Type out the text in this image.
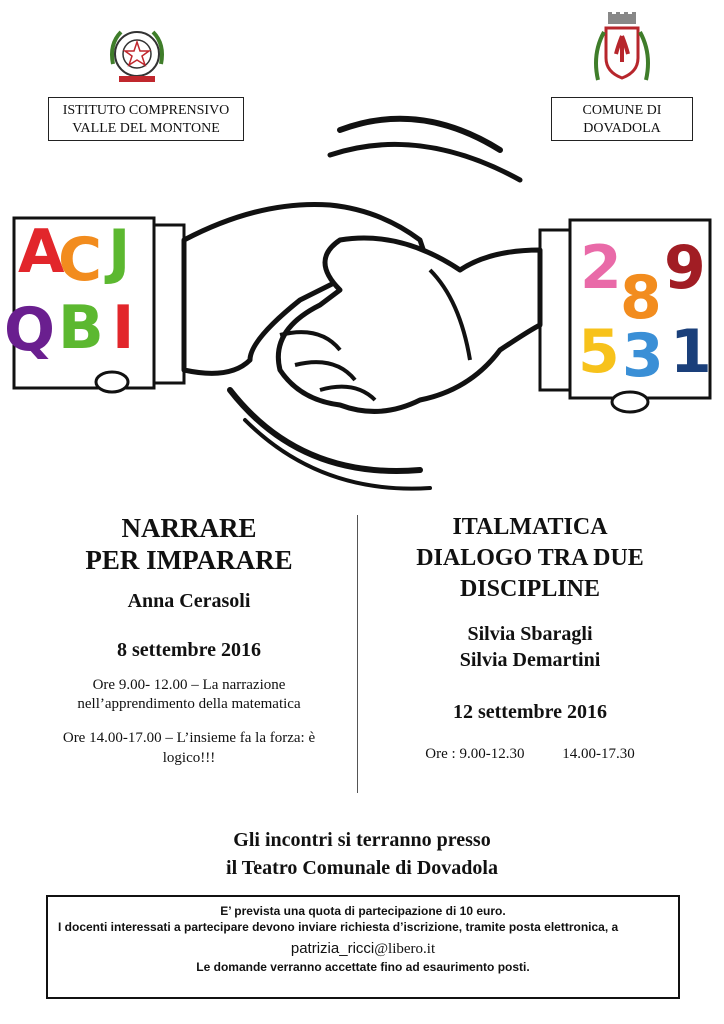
ISTITUTO COMPRENSIVO
VALLE DEL MONTONE
COMUNE DI
DOVADOLA
A
C J
Q B I
2
8 9
5 3 1
NARRARE
PER IMPARARE
Anna Cerasoli
8 settembre 2016
Ore 9.00- 12.00 – La narrazione
nell’apprendimento della matematica
Ore 14.00-17.00 – L’insieme fa la forza: è
logico!!!
ITALMATICA
DIALOGO TRA DUE
DISCIPLINE
Silvia Sbaragli
Silvia Demartini
12 settembre 2016
Ore : 9.00-12.30	14.00-17.30
Gli incontri si terranno presso
il Teatro Comunale di Dovadola

E’ prevista una quota di partecipazione di 10 euro.

I docenti interessati a partecipare devono inviare richiesta d’iscrizione, tramite posta elettronica, a

patrizia_ricci@libero.it

Le domande verranno accettate fino ad esaurimento posti.
